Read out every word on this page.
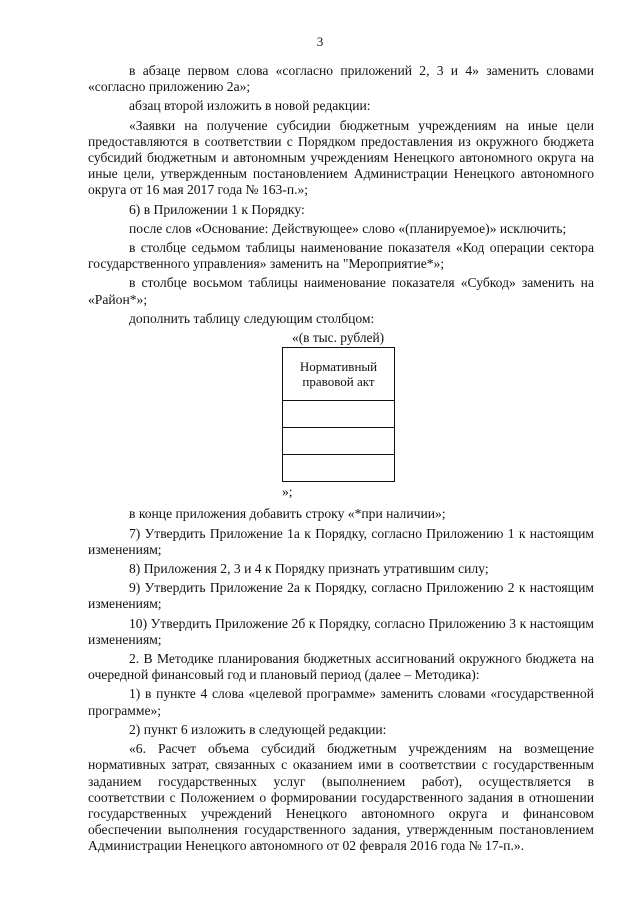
3

в абзаце первом слова «согласно приложений 2, 3 и 4» заменить словами «согласно приложению 2а»;

абзац второй изложить в новой редакции:

«Заявки на получение субсидии бюджетным учреждениям на иные цели предоставляются в соответствии с Порядком предоставления из окружного бюджета субсидий бюджетным и автономным учреждениям Ненецкого автономного округа на иные цели, утвержденным постановлением Администрации Ненецкого автономного округа от 16 мая 2017 года № 163-п.»;

6) в Приложении 1 к Порядку:

после слов «Основание: Действующее» слово «(планируемое)» исключить;

в столбце седьмом таблицы наименование показателя «Код операции сектора государственного управления» заменить на "Мероприятие*»;

в столбце восьмом таблицы наименование показателя «Субкод» заменить на «Район*»;

дополнить таблицу следующим столбцом:

«(в тыс. рублей)
Нормативный правовой акт

»;

в конце приложения добавить строку «*при наличии»;

7) Утвердить Приложение 1а к Порядку, согласно Приложению 1 к настоящим изменениям;

8) Приложения 2, 3 и 4 к Порядку признать утратившим силу;

9) Утвердить Приложение 2а к Порядку, согласно Приложению 2 к настоящим изменениям;

10) Утвердить Приложение 2б к Порядку, согласно Приложению 3 к настоящим изменениям;

2. В Методике планирования бюджетных ассигнований окружного бюджета на очередной финансовый год и плановый период (далее – Методика):

1) в пункте 4 слова «целевой программе» заменить словами «государственной программе»;

2) пункт 6 изложить в следующей редакции:

«6. Расчет объема субсидий бюджетным учреждениям на возмещение нормативных затрат, связанных с оказанием ими в соответствии с государственным заданием государственных услуг (выполнением работ), осуществляется в соответствии с Положением о формировании государственного задания в отношении государственных учреждений Ненецкого автономного округа и финансовом обеспечении выполнения государственного задания, утвержденным постановлением Администрации Ненецкого автономного от 02 февраля 2016 года № 17-п.».
